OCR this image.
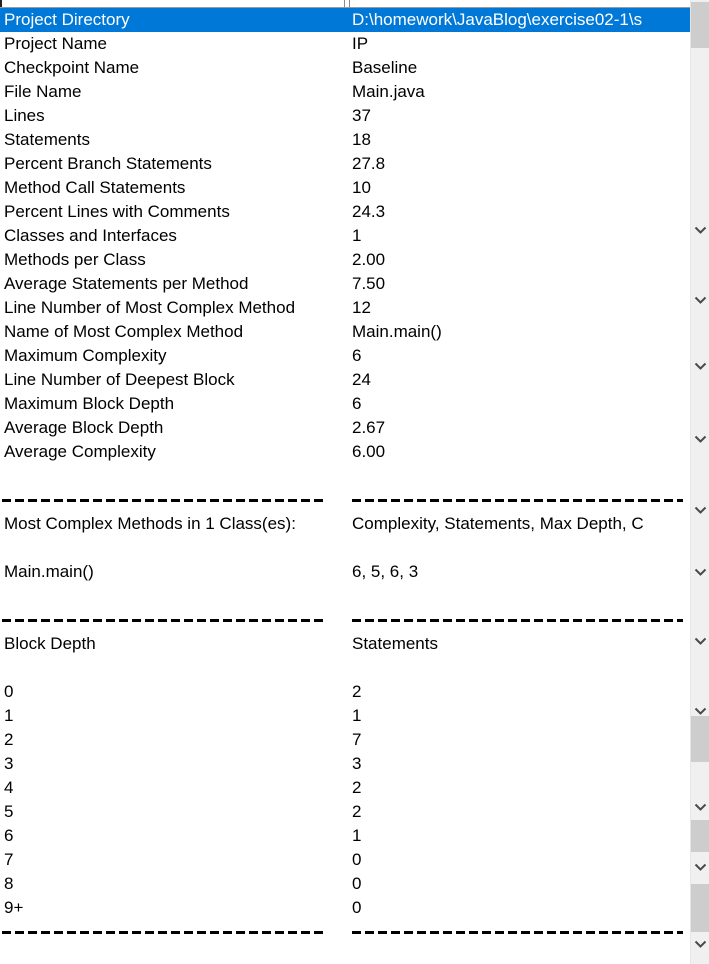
Project Directory	D:\homework\JavaBlog\exercise02-1\s
Project Name	IP
Checkpoint Name	Baseline
File Name	Main.java
Lines	37
Statements	18
Percent Branch Statements	27.8
Method Call Statements	10
Percent Lines with Comments	24.3
Classes and Interfaces	1
Methods per Class	2.00
Average Statements per Method	7.50
Line Number of Most Complex Method	12
Name of Most Complex Method	Main.main()
Maximum Complexity	6
Line Number of Deepest Block	24
Maximum Block Depth	6
Average Block Depth	2.67
Average Complexity	6.00
Most Complex Methods in 1 Class(es):	Complexity, Statements, Max Depth, C
Main.main()	6, 5, 6, 3
Block Depth	Statements
0	2
1	1
2	7
3	3
4	2
5	2
6	1
7	0
8	0
9+	0
